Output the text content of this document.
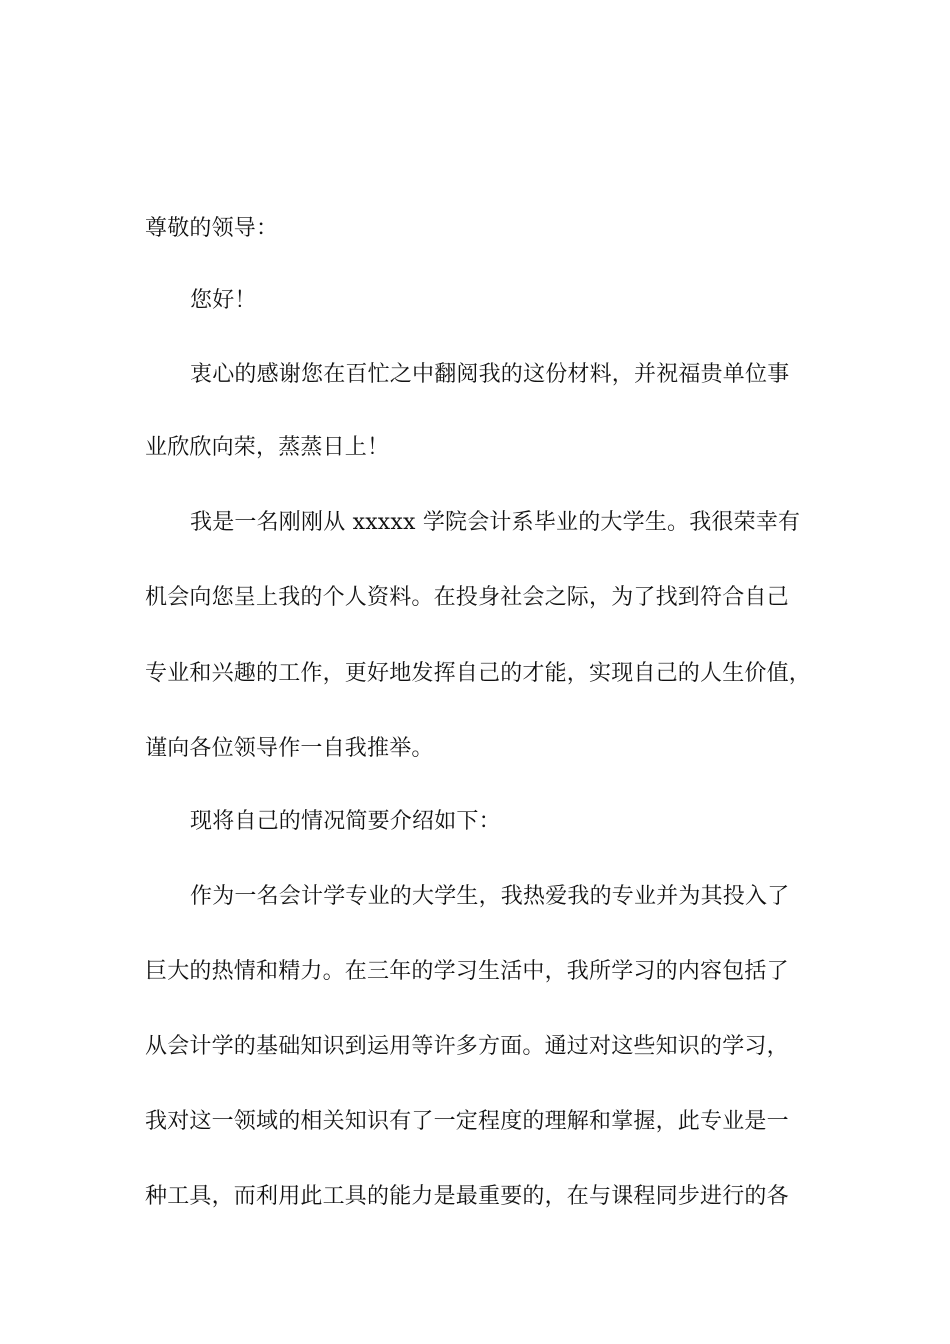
尊敬的领导：
您好！
衷心的感谢您在百忙之中翻阅我的这份材料，并祝福贵单位事
业欣欣向荣，蒸蒸日上！
我是一名刚刚从 xxxxx 学院会计系毕业的大学生。我很荣幸有
机会向您呈上我的个人资料。在投身社会之际，为了找到符合自己
专业和兴趣的工作，更好地发挥自己的才能，实现自己的人生价值，
谨向各位领导作一自我推举。
现将自己的情况简要介绍如下：
作为一名会计学专业的大学生，我热爱我的专业并为其投入了
巨大的热情和精力。在三年的学习生活中，我所学习的内容包括了
从会计学的基础知识到运用等许多方面。通过对这些知识的学习，
我对这一领域的相关知识有了一定程度的理解和掌握，此专业是一
种工具，而利用此工具的能力是最重要的，在与课程同步进行的各
